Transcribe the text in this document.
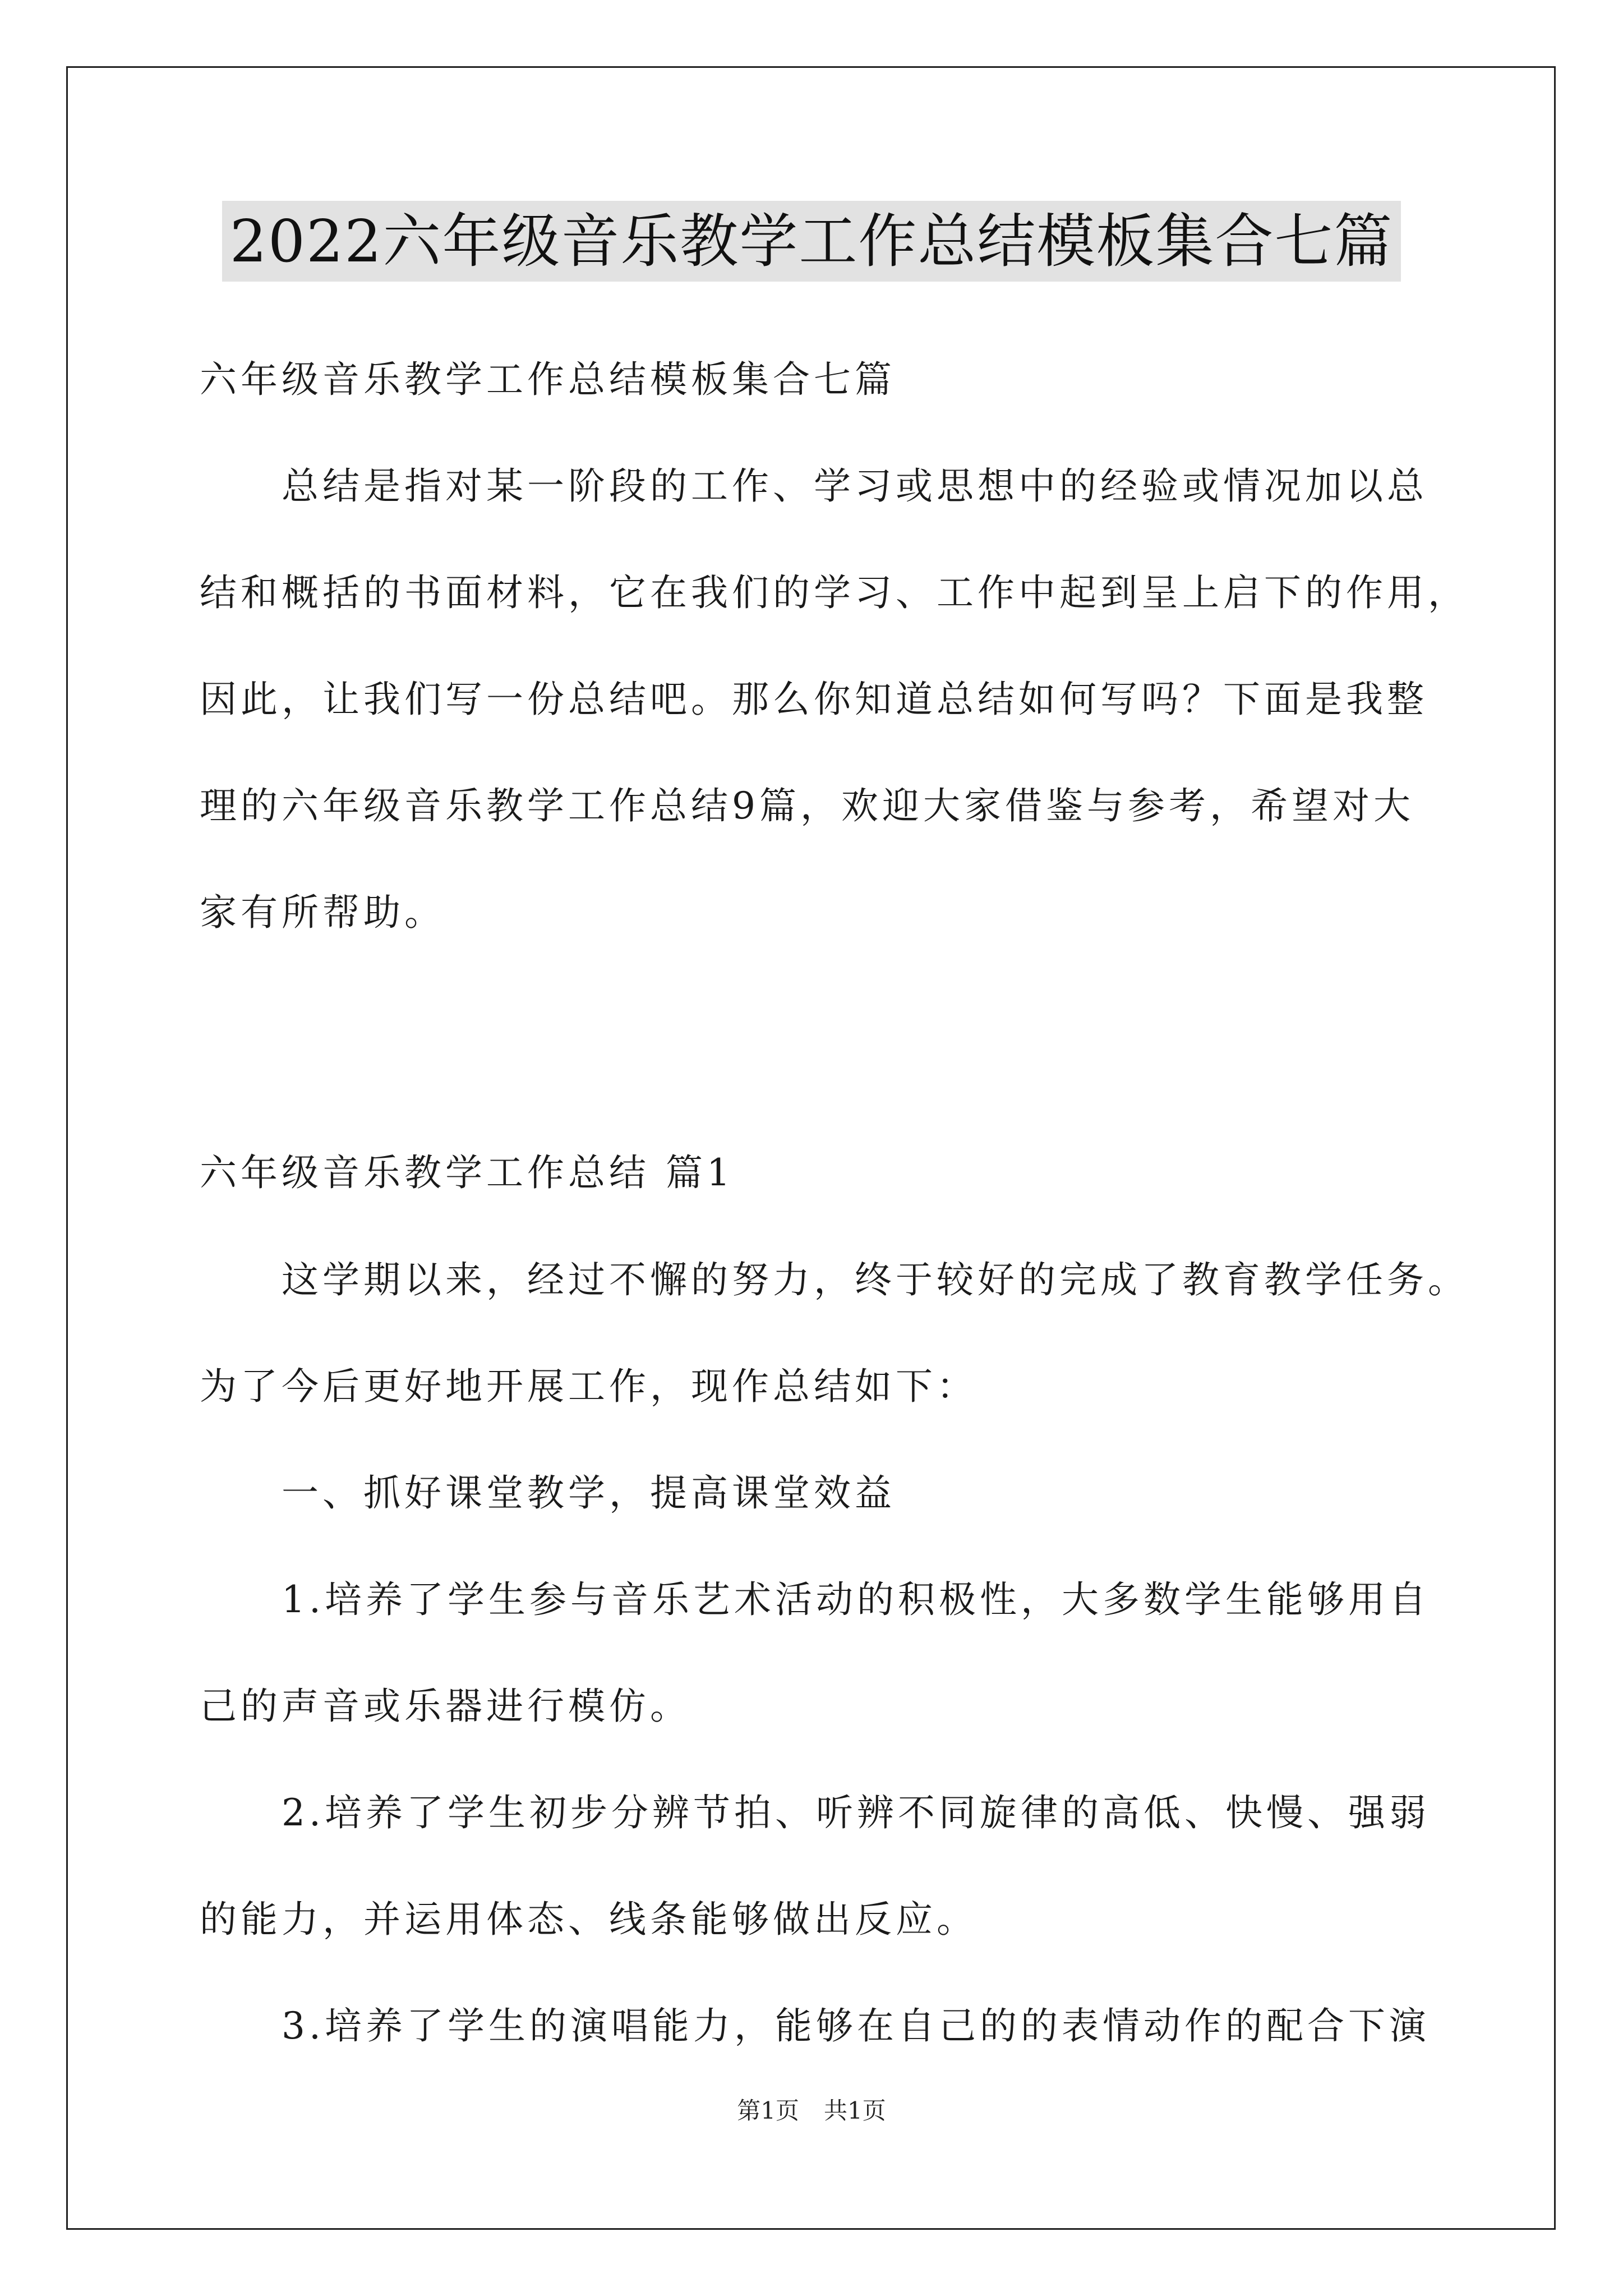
2022六年级音乐教学工作总结模板集合七篇
六年级音乐教学工作总结模板集合七篇
总结是指对某一阶段的工作、学习或思想中的经验或情况加以总
结和概括的书面材料，它在我们的学习、工作中起到呈上启下的作用，
因此，让我们写一份总结吧。那么你知道总结如何写吗？下面是我整
理的六年级音乐教学工作总结9篇，欢迎大家借鉴与参考，希望对大
家有所帮助。
六年级音乐教学工作总结 篇1
这学期以来，经过不懈的努力，终于较好的完成了教育教学任务。
为了今后更好地开展工作，现作总结如下：
一、抓好课堂教学，提高课堂效益
1.培养了学生参与音乐艺术活动的积极性，大多数学生能够用自
己的声音或乐器进行模仿。
2.培养了学生初步分辨节拍、听辨不同旋律的高低、快慢、强弱
的能力，并运用体态、线条能够做出反应。
3.培养了学生的演唱能力，能够在自己的的表情动作的配合下演
第1页 共1页
